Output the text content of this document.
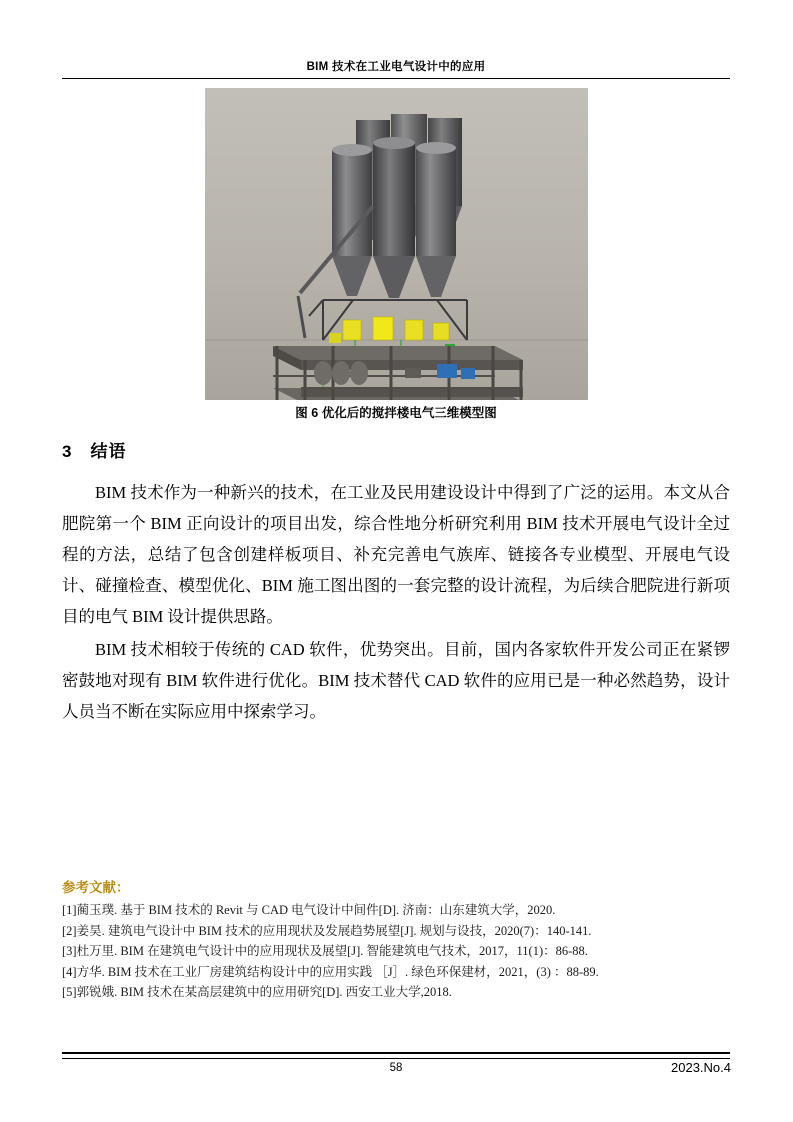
BIM 技术在工业电气设计中的应用
图 6 优化后的搅拌楼电气三维模型图
3 结语

BIM 技术作为一种新兴的技术，在工业及民用建设设计中得到了广泛的运用。本文从合肥院第一个 BIM 正向设计的项目出发，综合性地分析研究利用 BIM 技术开展电气设计全过程的方法，总结了包含创建样板项目、补充完善电气族库、链接各专业模型、开展电气设计、碰撞检查、模型优化、BIM 施工图出图的一套完整的设计流程，为后续合肥院进行新项目的电气 BIM 设计提供思路。

BIM 技术相较于传统的 CAD 软件，优势突出。目前，国内各家软件开发公司正在紧锣密鼓地对现有 BIM 软件进行优化。BIM 技术替代 CAD 软件的应用已是一种必然趋势，设计人员当不断在实际应用中探索学习。

参考文献：
[1]蔺玉璞. 基于 BIM 技术的 Revit 与 CAD 电气设计中间件[D]. 济南：山东建筑大学，2020.
[2]姜昊. 建筑电气设计中 BIM 技术的应用现状及发展趋势展望[J]. 规划与设技，2020(7)：140-141.
[3]杜万里. BIM 在建筑电气设计中的应用现状及展望[J]. 智能建筑电气技术，2017，11(1)：86-88.
[4]方华. BIM 技术在工业厂房建筑结构设计中的应用实践 ［J］. 绿色环保建材，2021，(3) ：88-89.
[5]郭锐娥. BIM 技术在某高层建筑中的应用研究[D]. 西安工业大学,2018.
58	2023.No.4
